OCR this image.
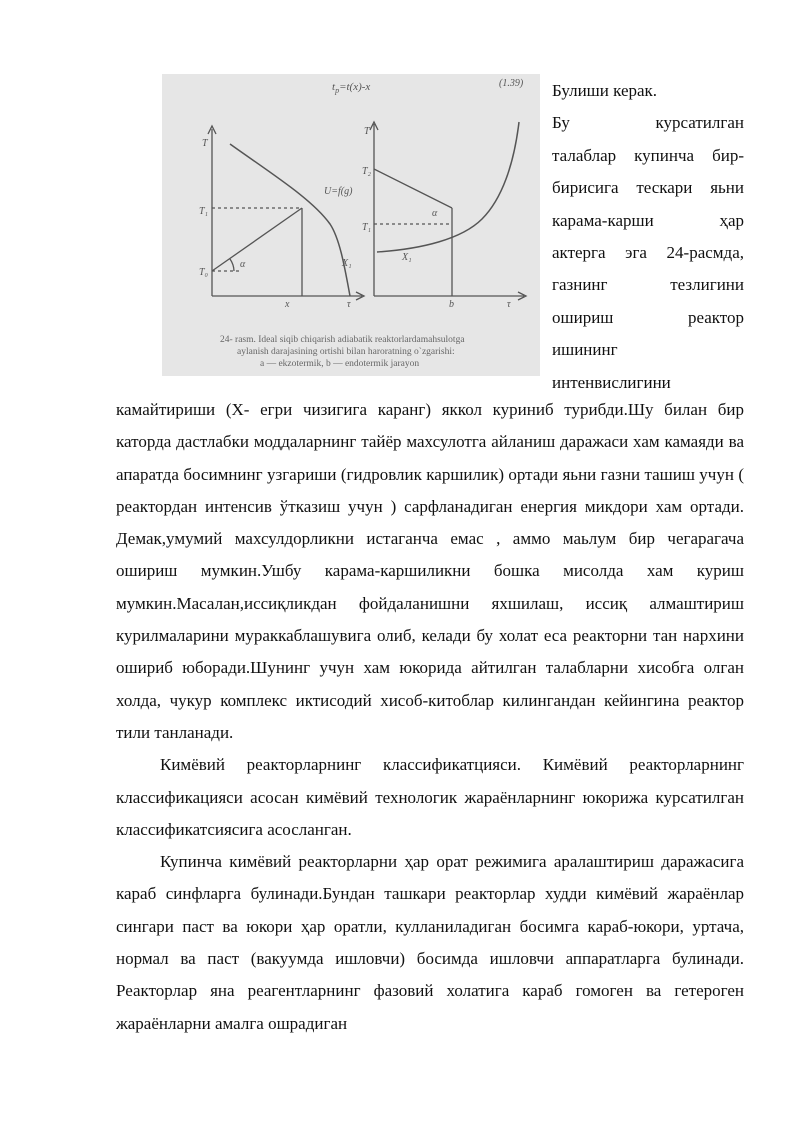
$t_p=t(x)-x$	(1.39)
T
τ
T₁
T₀
x
α	X₁
U=f(g)
T
τ
T₂
T₁
b
α
X₁
24- rasm. Ideal siqib chiqarish adiabatik reaktorlardamahsulotga
aylanish darajasining ortishi bilan haroratning o`zgarishi:
a — ekzotermik, b — endotermik jarayon
Булиши керак.
Бу курсатилган
талаблар купинча бир-
бирисига тескари яьни
карама-карши ҳар
актерга эга 24-расмда,
газнинг тезлигини
ошириш реактор
ишининг
интенвислигини

камайтириши (X- егри чизигига каранг) яккол куриниб турибди.Шу билан бир каторда дастлабки моддаларнинг тайёр махсулотга айланиш даражаси хам камаяди ва апаратда босимнинг узгариши (гидровлик каршилик) ортади яьни газни ташиш учун ( реактордан интенсив ўтказиш учун ) сарфланадиган енергия микдори хам ортади. Демак,умумий махсулдорликни истаганча емас , аммо маьлум бир чегарагача ошириш мумкин.Ушбу карама-каршиликни бошка мисолда хам куриш мумкин.Масалан,иссиқликдан фойдаланишни яхшилаш, иссиқ алмаштириш курилмаларини мураккаблашувига олиб, келади бу холат еса реакторни тан нархини ошириб юборади.Шунинг учун хам юкорида айтилган талабларни хисобга олган холда, чукур комплекс иктисодий хисоб-китоблар килингандан кейингина реактор тили танланади.

Кимёвий реакторларнинг классификатцияси. Кимёвий реакторларнинг классификацияси асосан кимёвий технологик жараёнларнинг юкорижа курсатилган классификатсиясига асосланган.

Купинча кимёвий реакторларни ҳар орат режимига аралаштириш даражасига караб синфларга булинади.Бундан ташкари реакторлар худди кимёвий жараёнлар сингари паст ва юкори ҳар оратли, кулланиладиган босимга караб-юкори, уртача, нормал ва паст (вакуумда ишловчи) босимда ишловчи аппаратларга булинади. Реакторлар яна реагентларнинг фазовий холатига караб гомоген ва гетероген жараёнларни амалга ошрадиган
